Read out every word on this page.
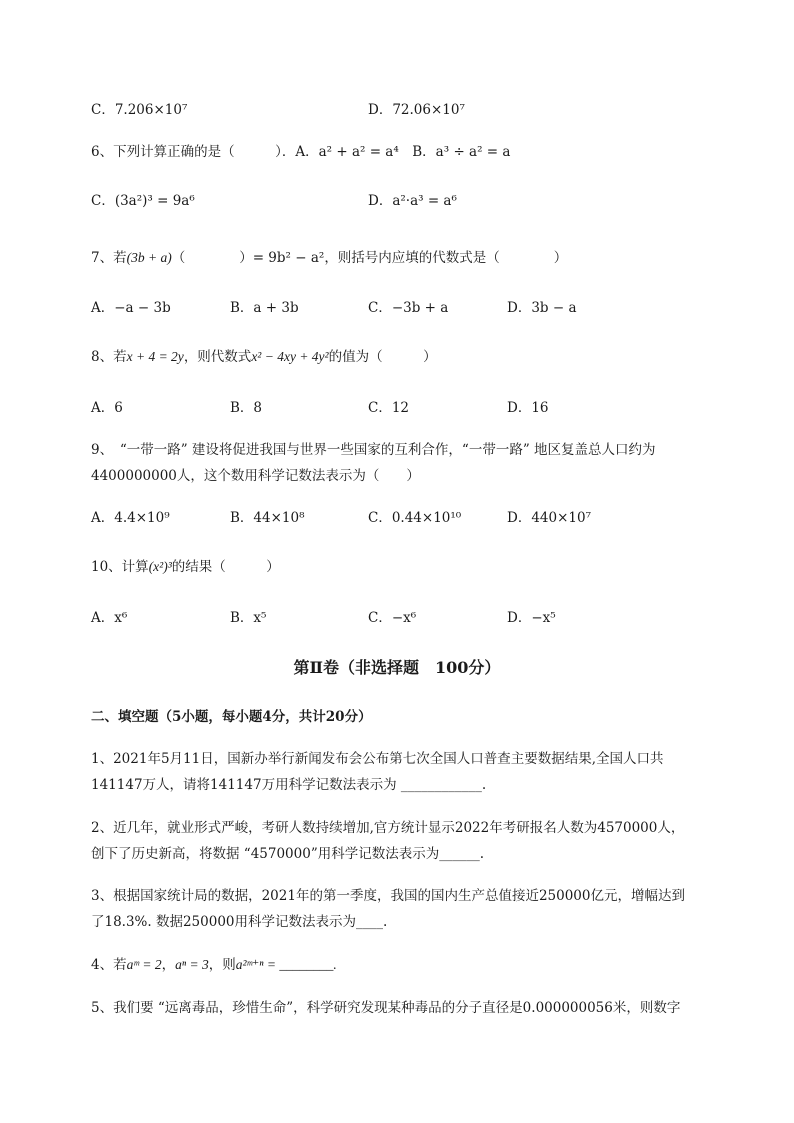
C．7.206×10⁷	D．72.06×10⁷
6、下列计算正确的是（　　　）．A．a² + a² = a⁴　 B．a³ ÷ a² = a
C．(3a²)³ = 9a⁶	D．a²·a³ = a⁶
7、若(3b + a)（　　　　）= 9b² − a²，则括号内应填的代数式是（　　　　）
A．−a − 3b	B．a + 3b	C．−3b + a	D．3b − a
8、若x + 4 = 2y，则代数式x² − 4xy + 4y²的值为（　　　）
A．6	B．8	C．12	D．16
9、　“一带一路” 建设将促进我国与世界一些国家的互利合作，“一带一路” 地区复盖总人口约为
4400000000人，这个数用科学记数法表示为（　　）
A．4.4×10⁹	B．44×10⁸	C．0.44×10¹⁰	D．440×10⁷
10、计算(x²)³的结果（　　　）
A．x⁶	B．x⁵	C．−x⁶	D．−x⁵
第Ⅱ卷（非选择题　100分）
二、填空题（5小题，每小题4分，共计20分）
1、2021年5月11日，国新办举行新闻发布会公布第七次全国人口普查主要数据结果,全国人口共
141147万人，请将141147万用科学记数法表示为 ____________.
2、近几年，就业形式严峻，考研人数持续增加,官方统计显示2022年考研报名人数为4570000人，
创下了历史新高，将数据 “4570000”用科学记数法表示为______.
3、根据国家统计局的数据，2021年的第一季度，我国的国内生产总值接近250000亿元，增幅达到
了18.3%. 数据250000用科学记数法表示为____.
4、若aᵐ = 2，aⁿ = 3，则a²ᵐ⁺ⁿ = ________.
5、我们要 “远离毒品，珍惜生命”，科学研究发现某种毒品的分子直径是0.000000056米，则数字
